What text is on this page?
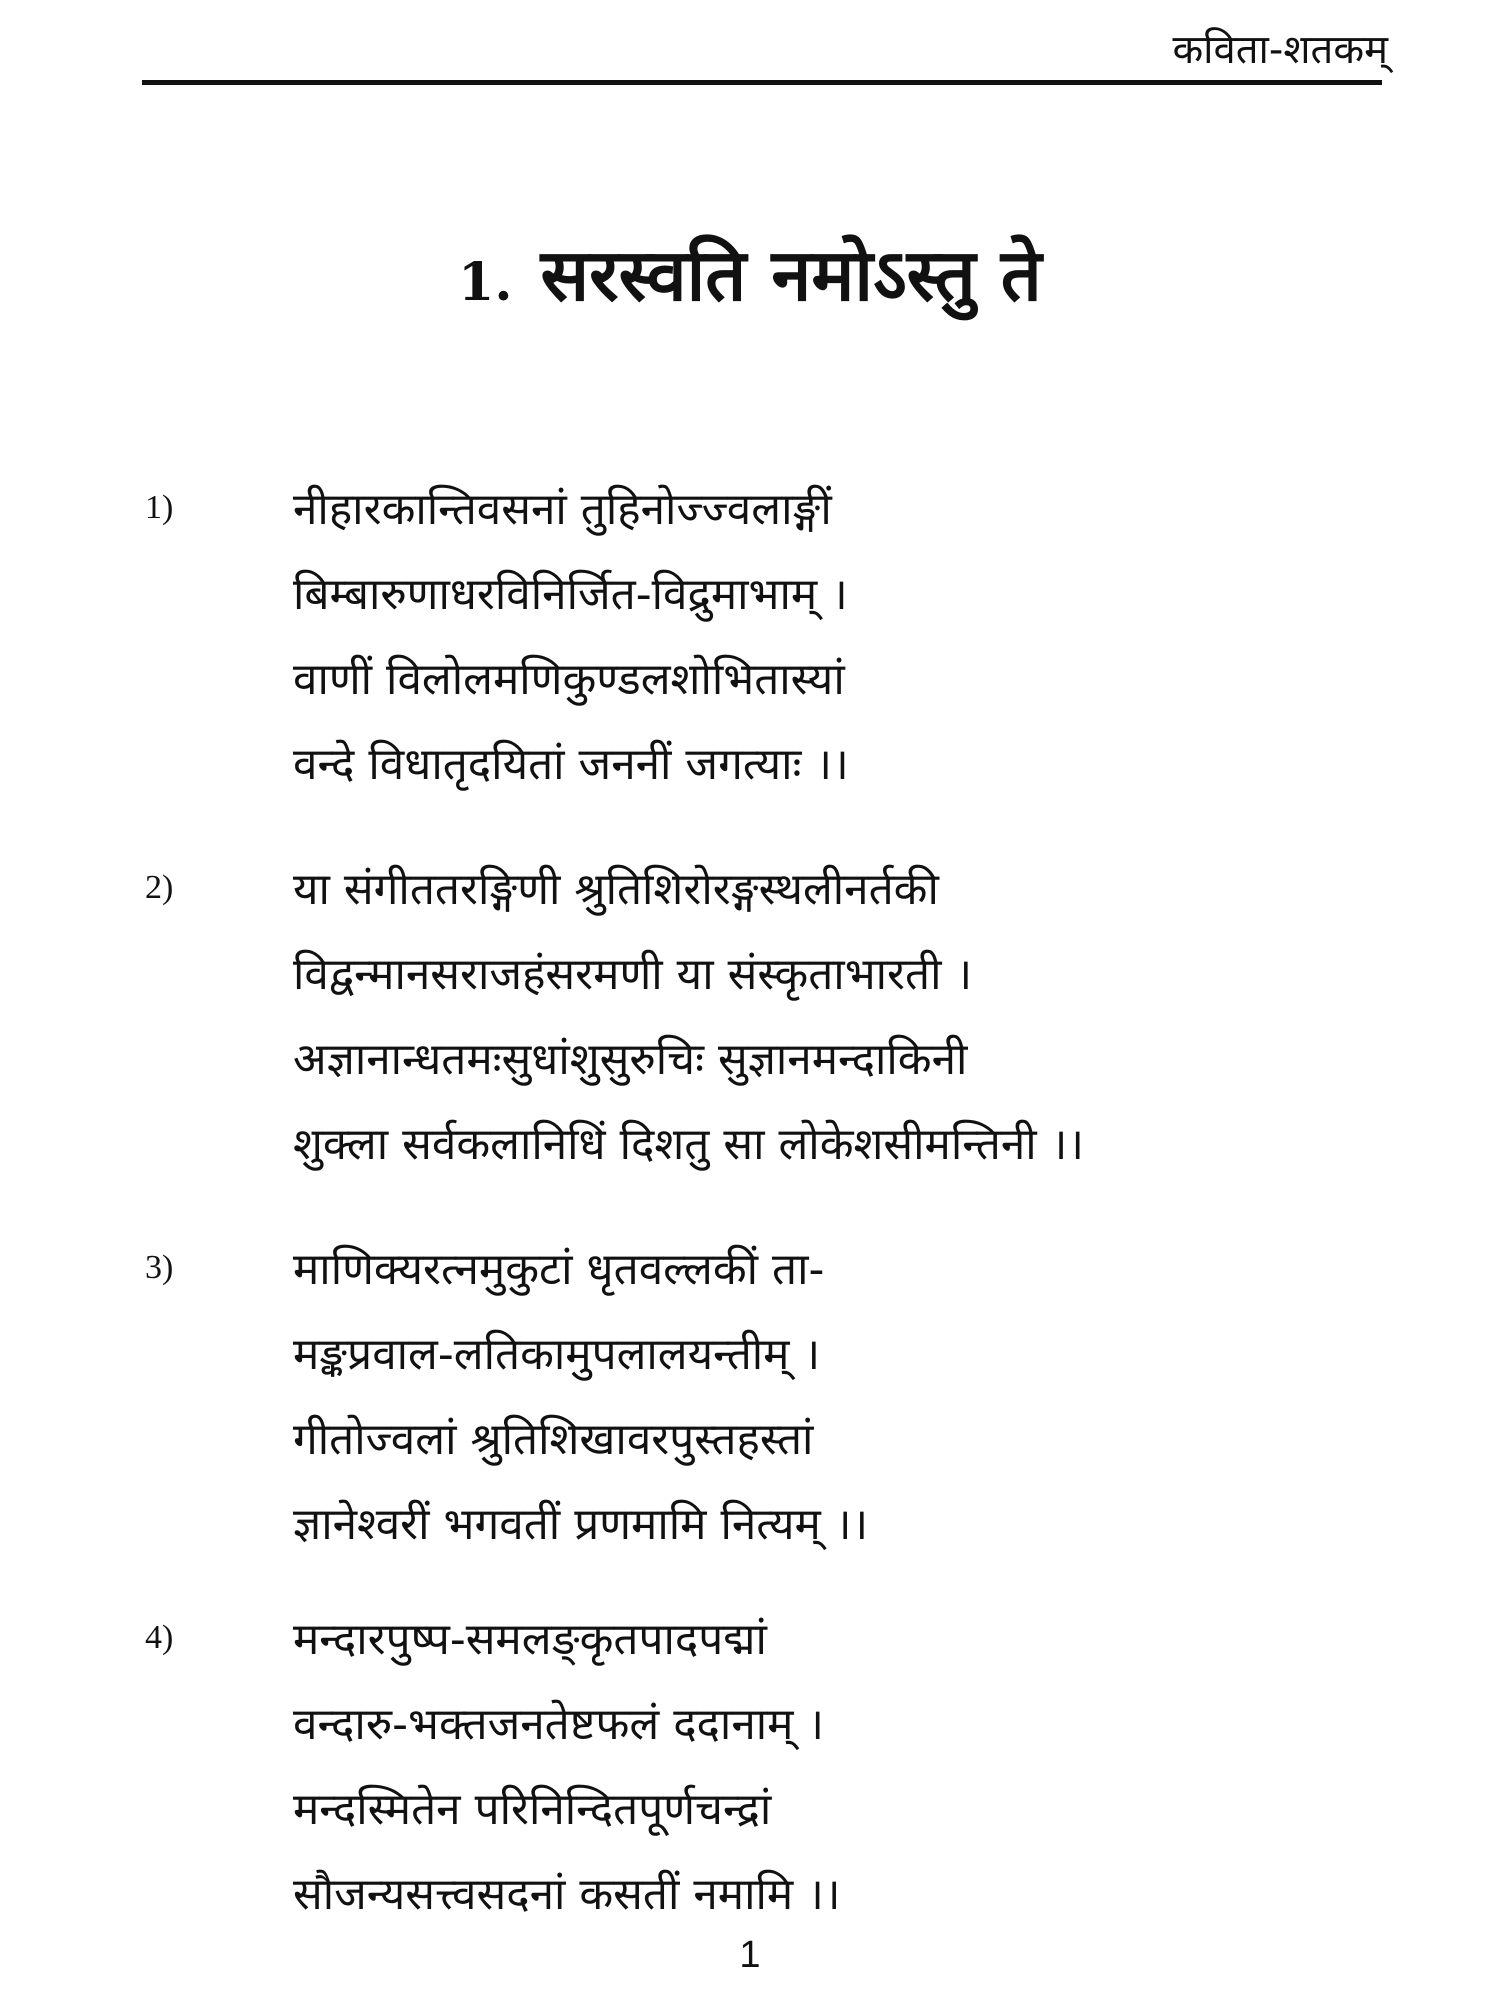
कविता-शतकम्
1. सरस्वति नमोऽस्तु ते
1)	नीहारकान्तिवसनां तुहिनोज्ज्वलाङ्गीं
बिम्बारुणाधरविनिर्जित-विद्रुमाभाम् ।
वाणीं विलोलमणिकुण्डलशोभितास्यां
वन्दे विधातृदयितां जननीं जगत्याः ।।
2)	या संगीततरङ्गिणी श्रुतिशिरोरङ्गस्थलीनर्तकी
विद्वन्मानसराजहंसरमणी या संस्कृताभारती ।
अज्ञानान्धतमःसुधांशुसुरुचिः सुज्ञानमन्दाकिनी
शुक्ला सर्वकलानिधिं दिशतु सा लोकेशसीमन्तिनी ।।
3)	माणिक्यरत्नमुकुटां धृतवल्लकीं ता-
मङ्कप्रवाल-लतिकामुपलालयन्तीम् ।
गीतोज्वलां श्रुतिशिखावरपुस्तहस्तां
ज्ञानेश्वरीं भगवतीं प्रणमामि नित्यम् ।।
4)	मन्दारपुष्प-समलङ्कृतपादपद्मां
वन्दारु-भक्तजनतेष्टफलं ददानाम् ।
मन्दस्मितेन परिनिन्दितपूर्णचन्द्रां
सौजन्यसत्त्वसदनां कसतीं नमामि ।।
1
